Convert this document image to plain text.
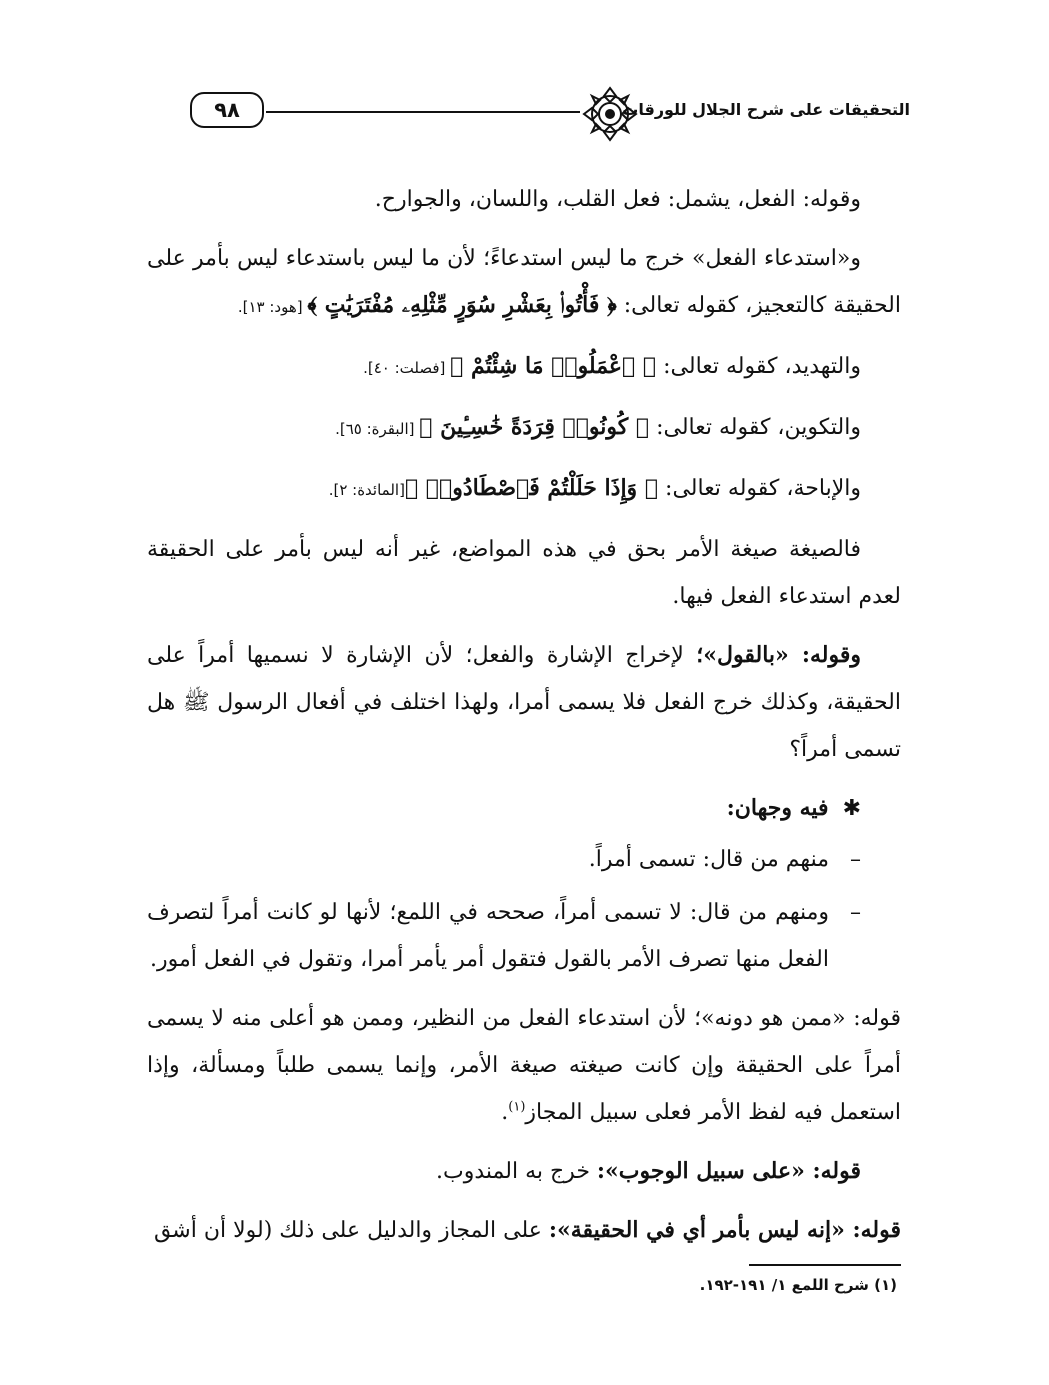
التحقيقات على شرح الجلال للورقات
٩٨

وقوله: الفعل، يشمل: فعل القلب، واللسان، والجوارح.

و«استدعاء الفعل» خرج ما ليس استدعاءً؛ لأن ما ليس باستدعاء ليس بأمر على الحقيقة كالتعجيز، كقوله تعالى: ﴿ فَأْتُوا۟ بِعَشْرِ سُوَرٍ مِّثْلِهِۦ مُفْتَرَيَٰتٍ ﴾ [هود: ١٣].

والتهديد، كقوله تعالى: ﴿ ٱعْمَلُوا۟ مَا شِئْتُمْ ﴾ [فصلت: ٤٠].

والتكوين، كقوله تعالى: ﴿ كُونُوا۟ قِرَدَةً خَٰسِـِٔينَ ﴾ [البقرة: ٦٥].

والإباحة، كقوله تعالى: ﴿ وَإِذَا حَلَلْتُمْ فَٱصْطَادُوا۟ ﴾[المائدة: ٢].

فالصيغة صيغة الأمر بحق في هذه المواضع، غير أنه ليس بأمر على الحقيقة لعدم استدعاء الفعل فيها.

وقوله: «بالقول»؛ لإخراج الإشارة والفعل؛ لأن الإشارة لا نسميها أمراً على الحقيقة، وكذلك خرج الفعل فلا يسمى أمرا، ولهذا اختلف في أفعال الرسول ﷺ هل تسمى أمراً؟

✱فيه وجهان:
–
منهم من قال: تسمى أمراً.
–
ومنهم من قال: لا تسمى أمراً، صححه في اللمع؛ لأنها لو كانت أمراً لتصرف الفعل منها تصرف الأمر بالقول فتقول أمر يأمر أمرا، وتقول في الفعل أمور.

قوله: «ممن هو دونه»؛ لأن استدعاء الفعل من النظير، وممن هو أعلى منه لا يسمى أمراً على الحقيقة وإن كانت صيغته صيغة الأمر، وإنما يسمى طلباً ومسألة، وإذا استعمل فيه لفظ الأمر فعلى سبيل المجاز$^{(١)}$.

قوله: «على سبيل الوجوب»: خرج به المندوب.

قوله: «إنه ليس بأمر أي في الحقيقة»: على المجاز والدليل على ذلك (لولا أن أشق

(١) شرح اللمع ١/ ١٩١-١٩٢.
